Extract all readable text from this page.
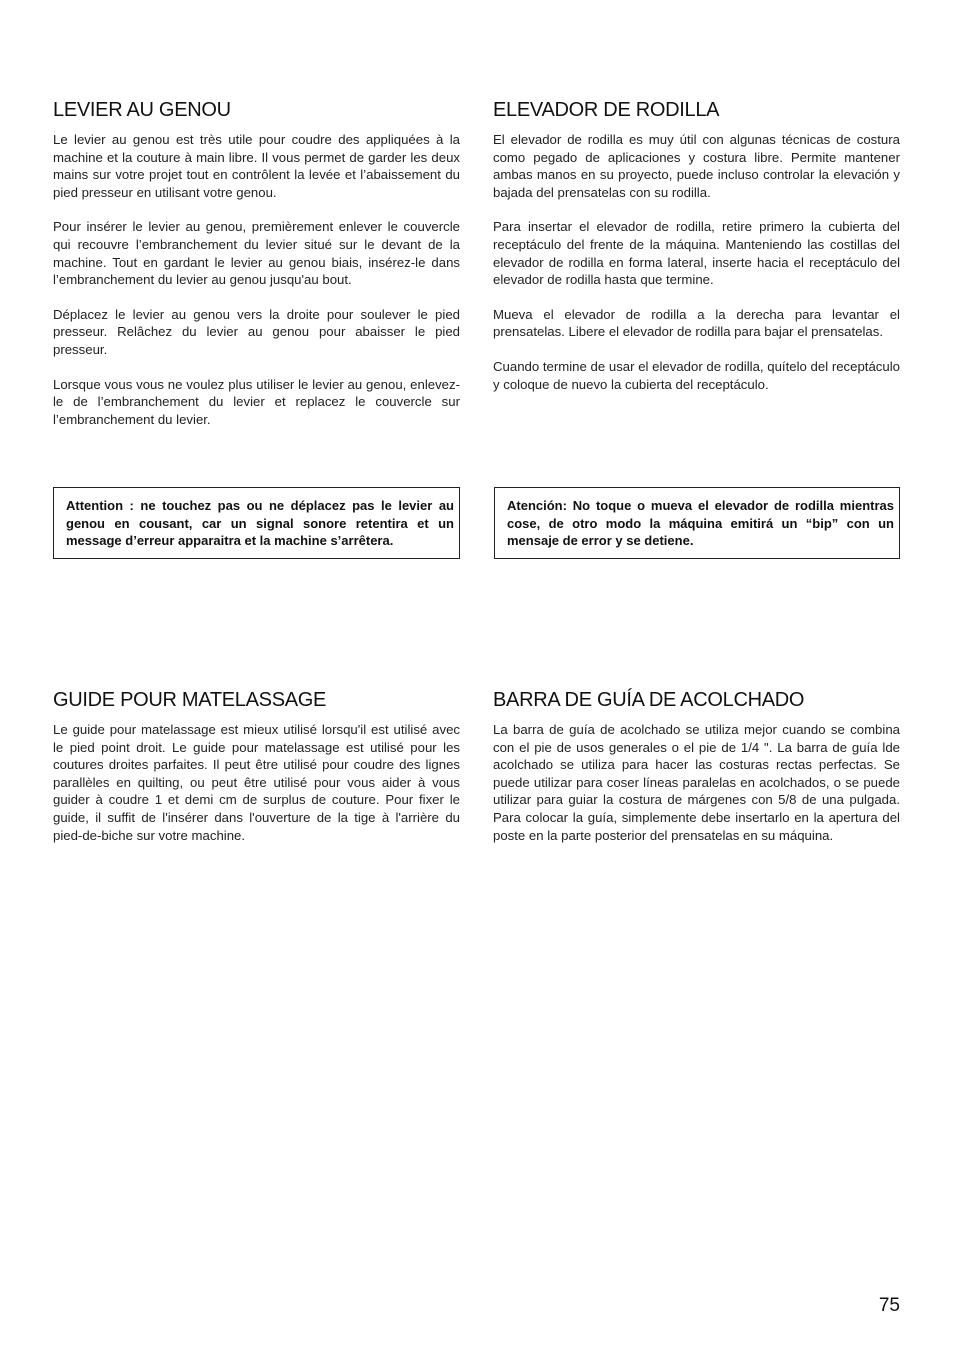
LEVIER AU GENOU

Le levier au genou est très utile pour coudre des appliquées à la machine et la couture à main libre. Il vous permet de garder les deux mains sur votre projet tout en contrôlent la levée et l’abaissement du pied presseur en utilisant votre genou.

Pour insérer le levier au genou, premièrement enlever le couvercle qui recouvre l’embranchement du levier situé sur le devant de la machine. Tout en gardant le levier au genou biais, insérez-le dans l’embranchement du levier au genou jusqu'au bout.

Déplacez le levier au genou vers la droite pour soulever le pied presseur. Relâchez du levier au genou pour abaisser le pied presseur.

Lorsque vous vous ne voulez plus utiliser le levier au genou, enlevez-le de l’embranchement du levier et replacez le couvercle sur l’embranchement du levier.

ELEVADOR DE RODILLA

El elevador de rodilla es muy útil con algunas técnicas de costura como pegado de aplicaciones y costura libre. Permite mantener ambas manos en su proyecto, puede incluso controlar la elevación y bajada del prensatelas con su rodilla.

Para insertar el elevador de rodilla, retire primero la cubierta del receptáculo del frente de la máquina. Manteniendo las costillas del elevador de rodilla en forma lateral, inserte hacia el receptáculo del elevador de rodilla hasta que termine.

Mueva el elevador de rodilla a la derecha para levantar el prensatelas. Libere el elevador de rodilla para bajar el prensatelas.

Cuando termine de usar el elevador de rodilla, quítelo del receptáculo y coloque de nuevo la cubierta del receptáculo.

Attention : ne touchez pas ou ne déplacez pas le levier au genou en cousant, car un signal sonore retentira et un message d’erreur apparaitra et la machine s’arrêtera.
Atención: No toque o mueva el elevador de rodilla mientras cose, de otro modo la máquina emitirá un “bip” con un mensaje de error y se detiene.
GUIDE POUR MATELASSAGE

Le guide pour matelassage est mieux utilisé lorsqu'il est utilisé avec le pied point droit. Le guide pour matelassage est utilisé pour les coutures droites parfaites. Il peut être utilisé pour coudre des lignes parallèles en quilting, ou peut être utilisé pour vous aider à vous guider à coudre 1 et demi cm de surplus de couture. Pour fixer le guide, il suffit de l'insérer dans l'ouverture de la tige à l'arrière du pied-de-biche sur votre machine.

BARRA DE GUÍA DE ACOLCHADO

La barra de guía de acolchado se utiliza mejor cuando se combina con el pie de usos generales o el pie de 1/4 ". La barra de guía lde acolchado se utiliza para hacer las costuras rectas perfectas. Se puede utilizar para coser líneas paralelas en acolchados, o se puede utilizar para guiar la costura de márgenes con 5/8 de una pulgada. Para colocar la guía, simplemente debe insertarlo en la apertura del poste en la parte posterior del prensatelas en su máquina.

75
